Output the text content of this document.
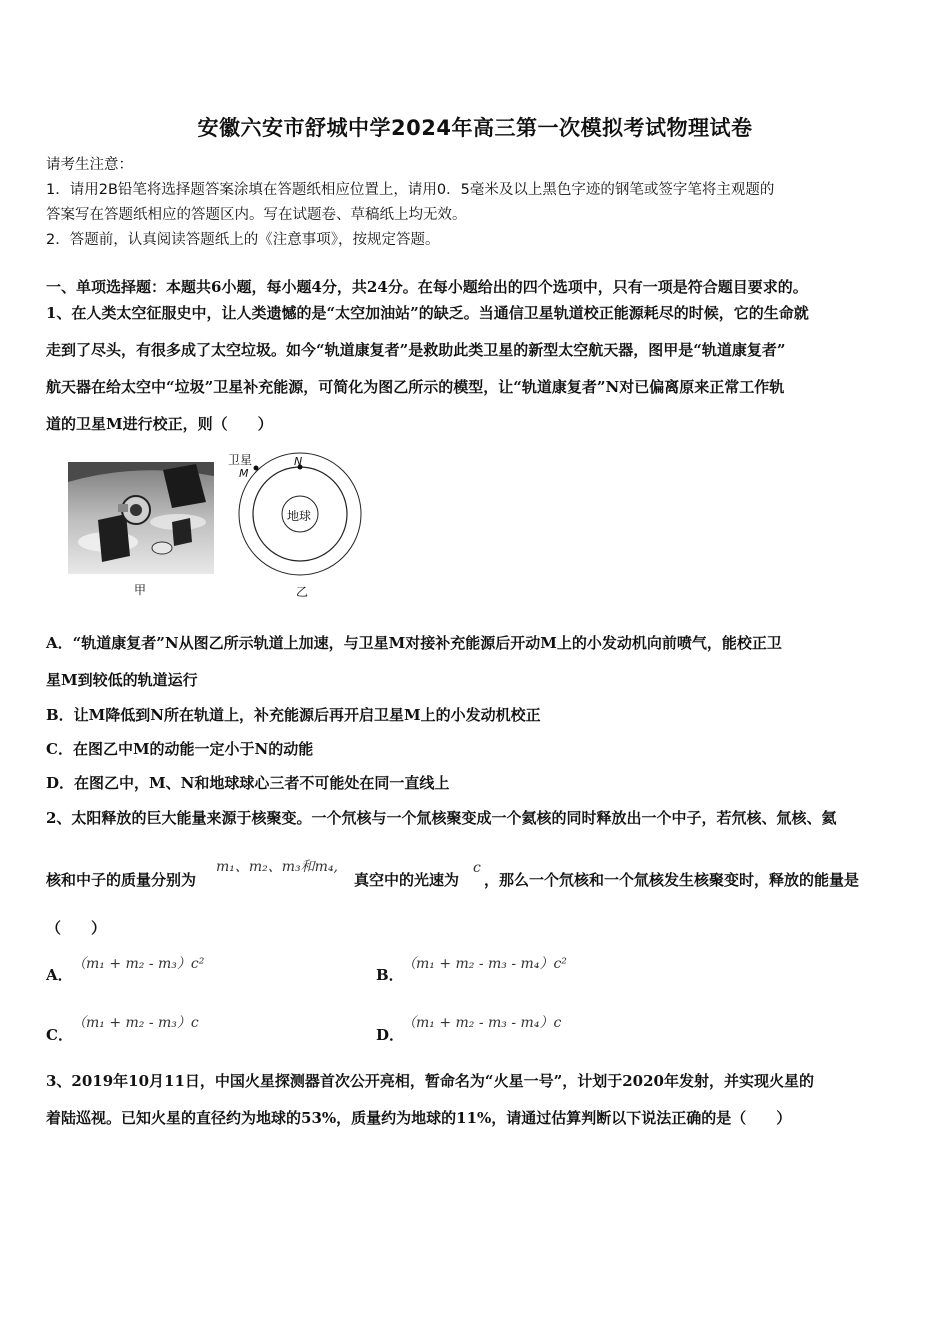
安徽六安市舒城中学2024年高三第一次模拟考试物理试卷
请考生注意：
1．请用2B铅笔将选择题答案涂填在答题纸相应位置上，请用0．5毫米及以上黑色字迹的钢笔或签字笔将主观题的
答案写在答题纸相应的答题区内。写在试题卷、草稿纸上均无效。
2．答题前，认真阅读答题纸上的《注意事项》，按规定答题。
一、单项选择题：本题共6小题，每小题4分，共24分。在每小题给出的四个选项中，只有一项是符合题目要求的。
1、在人类太空征服史中，让人类遗憾的是“太空加油站”的缺乏。当通信卫星轨道校正能源耗尽的时候，它的生命就
走到了尽头，有很多成了太空垃圾。如今“轨道康复者”是救助此类卫星的新型太空航天器，图甲是“轨道康复者”
航天器在给太空中“垃圾”卫星补充能源，可简化为图乙所示的模型，让“轨道康复者”N对已偏离原来正常工作轨
道的卫星M进行校正，则（　　）
甲
卫星
M
N
地球
乙
A．“轨道康复者”N从图乙所示轨道上加速，与卫星M对接补充能源后开动M上的小发动机向前喷气，能校正卫
星M到较低的轨道运行
B．让M降低到N所在轨道上，补充能源后再开启卫星M上的小发动机校正
C．在图乙中M的动能一定小于N的动能
D．在图乙中，M、N和地球球心三者不可能处在同一直线上
2、太阳释放的巨大能量来源于核聚变。一个氘核与一个氚核聚变成一个氦核的同时释放出一个中子，若氘核、氚核、氦
核和中子的质量分别为
m₁、m₂、m₃和m₄,
真空中的光速为
c
，那么一个氘核和一个氚核发生核聚变时，释放的能量是
（　　）
A．
（m₁ + m₂ - m₃）c²
B．
（m₁ + m₂ - m₃ - m₄）c²
C．
（m₁ + m₂ - m₃）c
D．
（m₁ + m₂ - m₃ - m₄）c
3、2019年10月11日，中国火星探测器首次公开亮相，暂命名为“火星一号”，计划于2020年发射，并实现火星的
着陆巡视。已知火星的直径约为地球的53%，质量约为地球的11%，请通过估算判断以下说法正确的是（　　）
